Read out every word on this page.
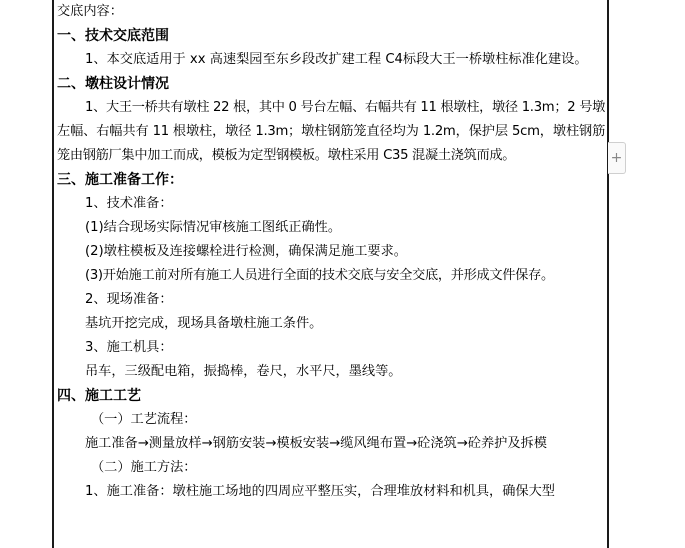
交底内容：
一、技术交底范围
1、本交底适用于 xx 高速梨园至东乡段改扩建工程 C4标段大王一桥墩柱标准化建设。
二、墩柱设计情况
1、大王一桥共有墩柱 22 根，其中 0 号台左幅、右幅共有 11 根墩柱，墩径 1.3m；2 号墩左幅、右幅共有 11 根墩柱，墩径 1.3m；墩柱钢筋笼直径均为 1.2m，保护层 5cm，墩柱钢筋笼由钢筋厂集中加工而成，模板为定型钢模板。墩柱采用 C35 混凝土浇筑而成。
三、施工准备工作：
1、技术准备：
(1)结合现场实际情况审核施工图纸正确性。
(2)墩柱模板及连接螺栓进行检测，确保满足施工要求。
(3)开始施工前对所有施工人员进行全面的技术交底与安全交底，并形成文件保存。
2、现场准备：
基坑开挖完成，现场具备墩柱施工条件。
3、施工机具：
吊车，三级配电箱，振捣棒，卷尺，水平尺，墨线等。
四、施工工艺
（一）工艺流程：
施工准备→测量放样→钢筋安装→模板安装→缆风绳布置→砼浇筑→砼养护及拆模
（二）施工方法：
1、施工准备：墩柱施工场地的四周应平整压实，合理堆放材料和机具，确保大型
+
